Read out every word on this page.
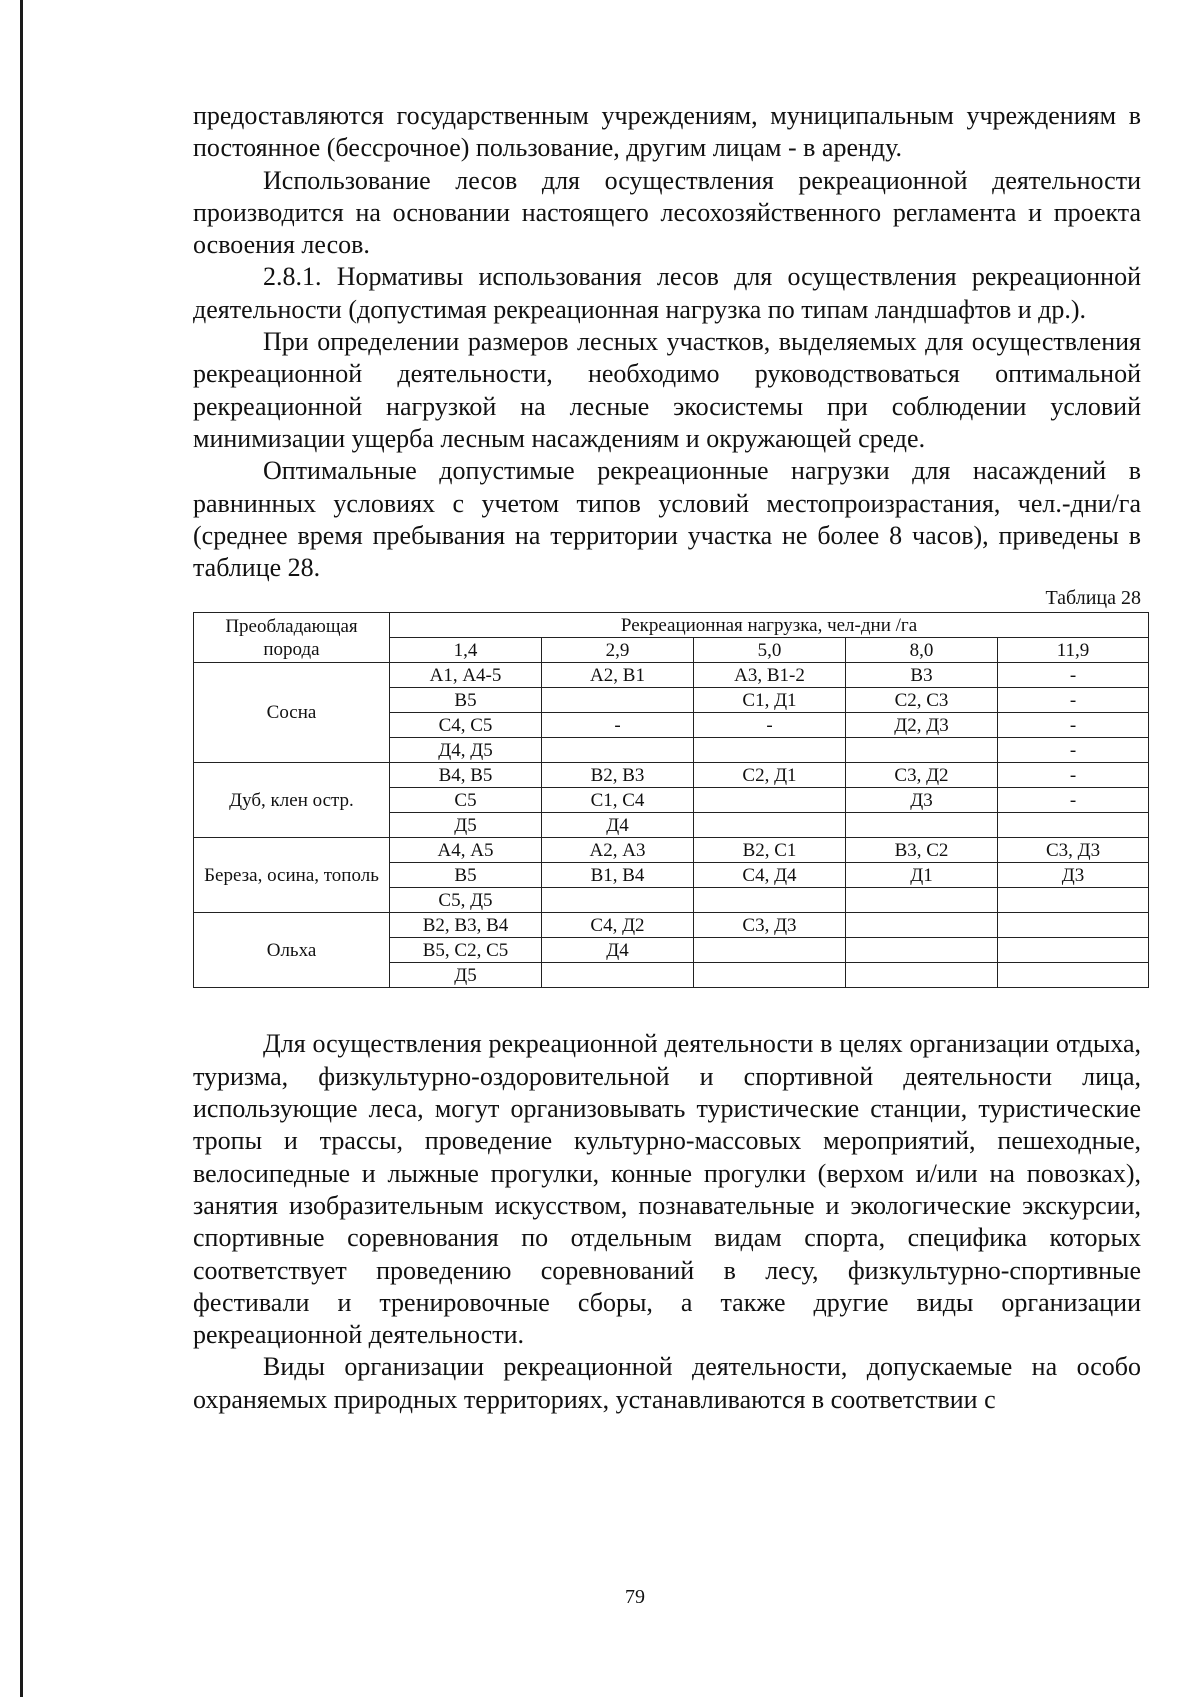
предоставляются государственным учреждениям, муниципальным учреждениям в постоянное (бессрочное) пользование, другим лицам - в аренду.

Использование лесов для осуществления рекреационной деятельности производится на основании настоящего лесохозяйственного регламента и проекта освоения лесов.

2.8.1. Нормативы использования лесов для осуществления рекреационной деятельности (допустимая рекреационная нагрузка по типам ландшафтов и др.).

При определении размеров лесных участков, выделяемых для осуществления рекреационной деятельности, необходимо руководствоваться оптимальной рекреационной нагрузкой на лесные экосистемы при соблюдении условий минимизации ущерба лесным насаждениям и окружающей среде.

Оптимальные допустимые рекреационные нагрузки для насаждений в равнинных условиях с учетом типов условий местопроизрастания, чел.-дни/га (среднее время пребывания на территории участка не более 8 часов), приведены в таблице 28.

Таблица 28
Преобладающая порода	Рекреационная нагрузка, чел-дни /га				
	1,4	2,9	5,0	8,0	11,9
Сосна	А1, А4-5	А2, В1	А3, В1-2	В3	-
	В5		С1, Д1	С2, С3	-
	С4, С5	-	-	Д2, Д3	-
	Д4, Д5				-
Дуб, клен остр.	В4, В5	В2, В3	С2, Д1	С3, Д2	-
	С5	С1, С4		Д3	-
	Д5	Д4			
Береза, осина, тополь	А4, А5	А2, А3	В2, С1	В3, С2	С3, Д3
	В5	В1, В4	С4, Д4	Д1	Д3
	С5, Д5				
Ольха	В2, В3, В4	С4, Д2	С3, Д3		
	В5, С2, С5	Д4			
	Д5				

Для осуществления рекреационной деятельности в целях организации отдыха, туризма, физкультурно-оздоровительной и спортивной деятельности лица, использующие леса, могут организовывать туристические станции, туристические тропы и трассы, проведение культурно-массовых мероприятий, пешеходные, велосипедные и лыжные прогулки, конные прогулки (верхом и/или на повозках), занятия изобразительным искусством, познавательные и экологические экскурсии, спортивные соревнования по отдельным видам спорта, специфика которых соответствует проведению соревнований в лесу, физкультурно-спортивные фестивали и тренировочные сборы, а также другие виды организации рекреационной деятельности.

Виды организации рекреационной деятельности, допускаемые на особо охраняемых природных территориях, устанавливаются в соответствии с

79
